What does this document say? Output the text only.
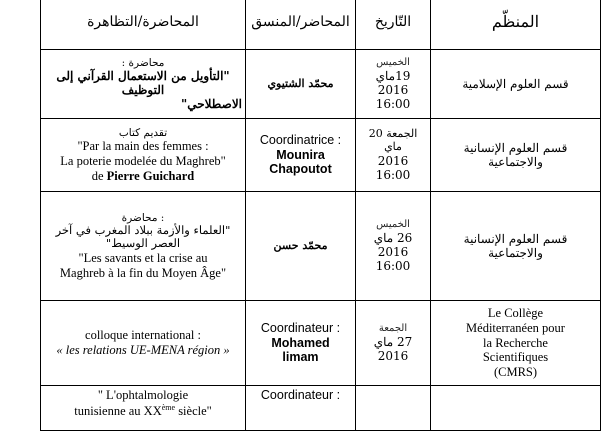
المحاضرة/التظاهرة	المحاضر/المنسق	التّاريخ	المنظّم

محاضرة :
"التأويل من الاستعمال القرآني إلى التوظيف
الاصطلاحي"	محمّد الشتيوي	الخميس
19ماي 2016
16:00	قسم العلوم الإسلامية

تقديم كتاب
"Par la main des femmes :
La poterie modelée du Maghreb"
de Pierre Guichard	Coordinatrice :
Mounira
Chapoutot	الجمعة 20 ماي
2016
16:00	قسم العلوم الإنسانية
والاجتماعية

محاضرة :
"العلماء والأزمة ببلاد المغرب في آخر
العصر الوسيط"
"Les savants et la crise au
Maghreb à la fin du Moyen Âge"	محمّد حسن	الخميس
26 ماي 2016
16:00	قسم العلوم الإنسانية
والاجتماعية

colloque international :
« les relations UE-MENA région »	Coordinateur :
Mohamed
limam	الجمعة
27 ماي 2016	Le Collège
Méditerranéen pour
la Recherche
Scientifiques
(CMRS)

" L'ophtalmologie
tunisienne au XXème siècle"	Coordinateur :		
